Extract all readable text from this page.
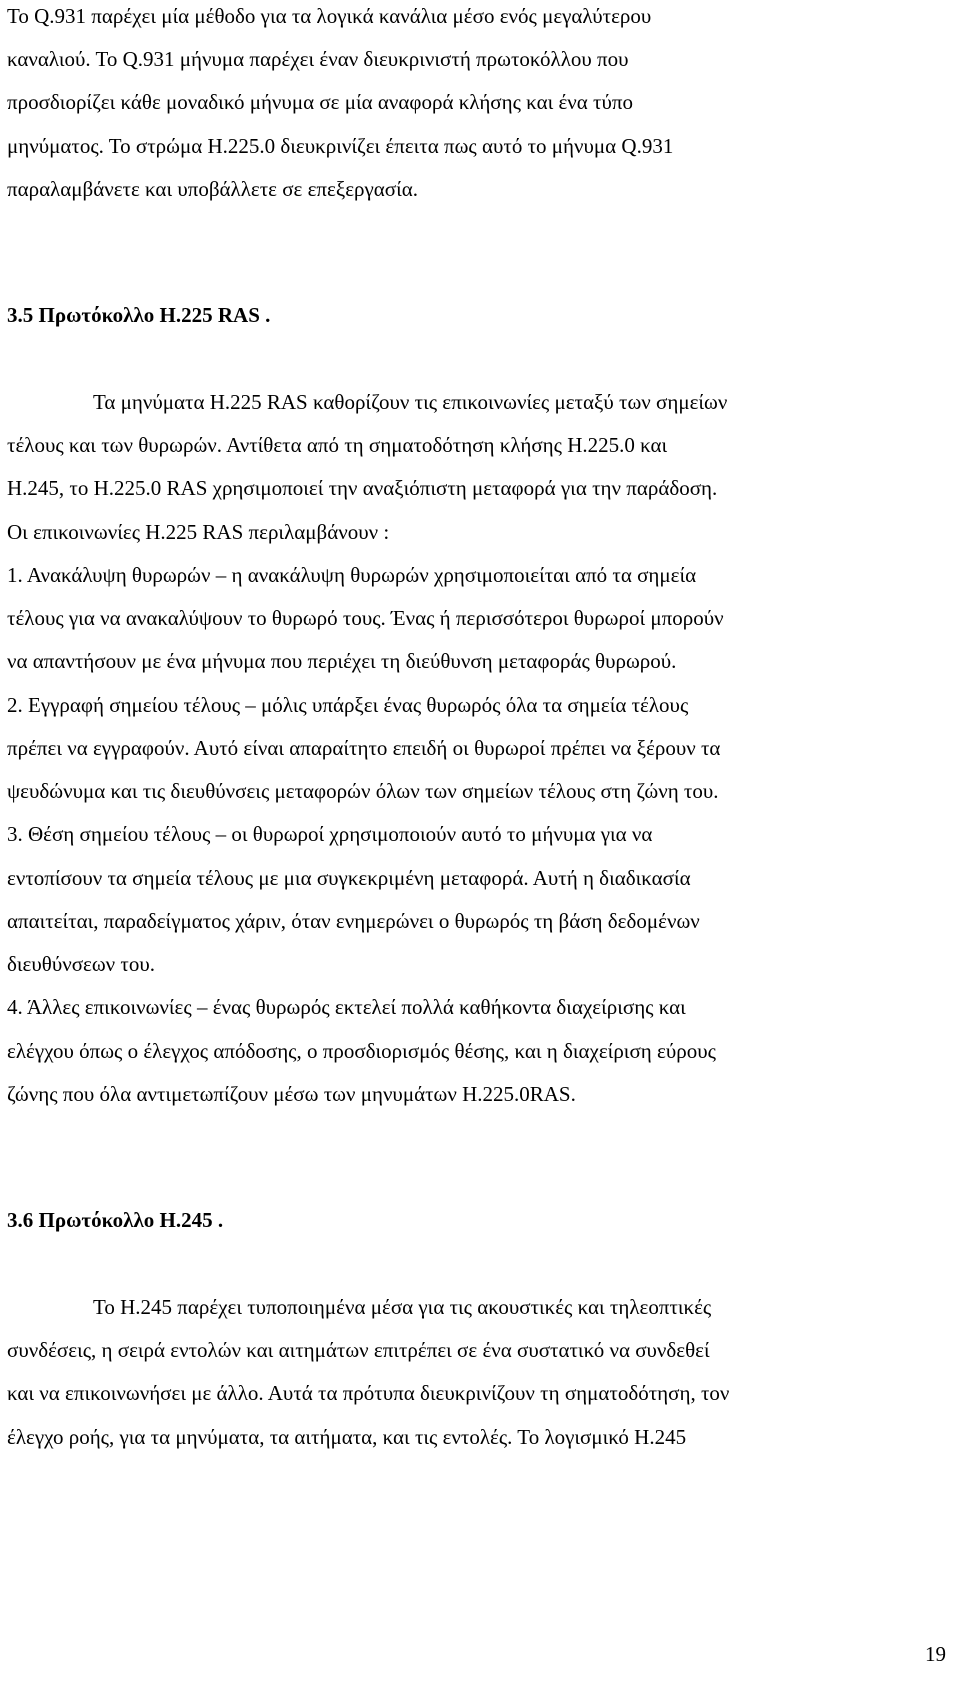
Το Q.931 παρέχει μία μέθοδο για τα λογικά κανάλια μέσο ενός μεγαλύτερου
καναλιού. Το Q.931 μήνυμα παρέχει έναν διευκρινιστή πρωτοκόλλου που
προσδιορίζει κάθε μοναδικό μήνυμα σε μία αναφορά κλήσης και ένα τύπο
μηνύματος. Το στρώμα H.225.0 διευκρινίζει έπειτα πως αυτό το μήνυμα Q.931
παραλαμβάνετε και υποβάλλετε σε επεξεργασία.
3.5 Πρωτόκολλο H.225 RAS .
Τα μηνύματα H.225 RAS καθορίζουν τις επικοινωνίες μεταξύ των σημείων
τέλους και των θυρωρών. Αντίθετα από τη σηματοδότηση κλήσης H.225.0 και
H.245, το H.225.0 RAS χρησιμοποιεί την αναξιόπιστη μεταφορά για την παράδοση.
Οι επικοινωνίες H.225 RAS περιλαμβάνουν :
1. Ανακάλυψη θυρωρών – η ανακάλυψη θυρωρών χρησιμοποιείται από τα σημεία
τέλους για να ανακαλύψουν το θυρωρό τους. Ένας ή περισσότεροι θυρωροί μπορούν
να απαντήσουν με ένα μήνυμα που περιέχει τη διεύθυνση μεταφοράς θυρωρού.
2. Εγγραφή σημείου τέλους – μόλις υπάρξει ένας θυρωρός όλα τα σημεία τέλους
πρέπει να εγγραφούν. Αυτό είναι απαραίτητο επειδή οι θυρωροί πρέπει να ξέρουν τα
ψευδώνυμα και τις διευθύνσεις μεταφορών όλων των σημείων τέλους στη ζώνη του.
3. Θέση σημείου τέλους – οι θυρωροί χρησιμοποιούν αυτό το μήνυμα για να
εντοπίσουν τα σημεία τέλους με μια συγκεκριμένη μεταφορά. Αυτή η διαδικασία
απαιτείται, παραδείγματος χάριν, όταν ενημερώνει ο θυρωρός τη βάση δεδομένων
διευθύνσεων του.
4. Άλλες επικοινωνίες – ένας θυρωρός εκτελεί πολλά καθήκοντα διαχείρισης και
ελέγχου όπως ο έλεγχος απόδοσης, ο προσδιορισμός θέσης, και η διαχείριση εύρους
ζώνης που όλα αντιμετωπίζουν μέσω των μηνυμάτων H.225.0RAS.
3.6 Πρωτόκολλο H.245 .
Το H.245 παρέχει τυποποιημένα μέσα για τις ακουστικές και τηλεοπτικές
συνδέσεις, η σειρά εντολών και αιτημάτων επιτρέπει σε ένα συστατικό να συνδεθεί
και να επικοινωνήσει με άλλο. Αυτά τα πρότυπα διευκρινίζουν τη σηματοδότηση, τον
έλεγχο ροής, για τα μηνύματα, τα αιτήματα, και τις εντολές. Το λογισμικό H.245
19
